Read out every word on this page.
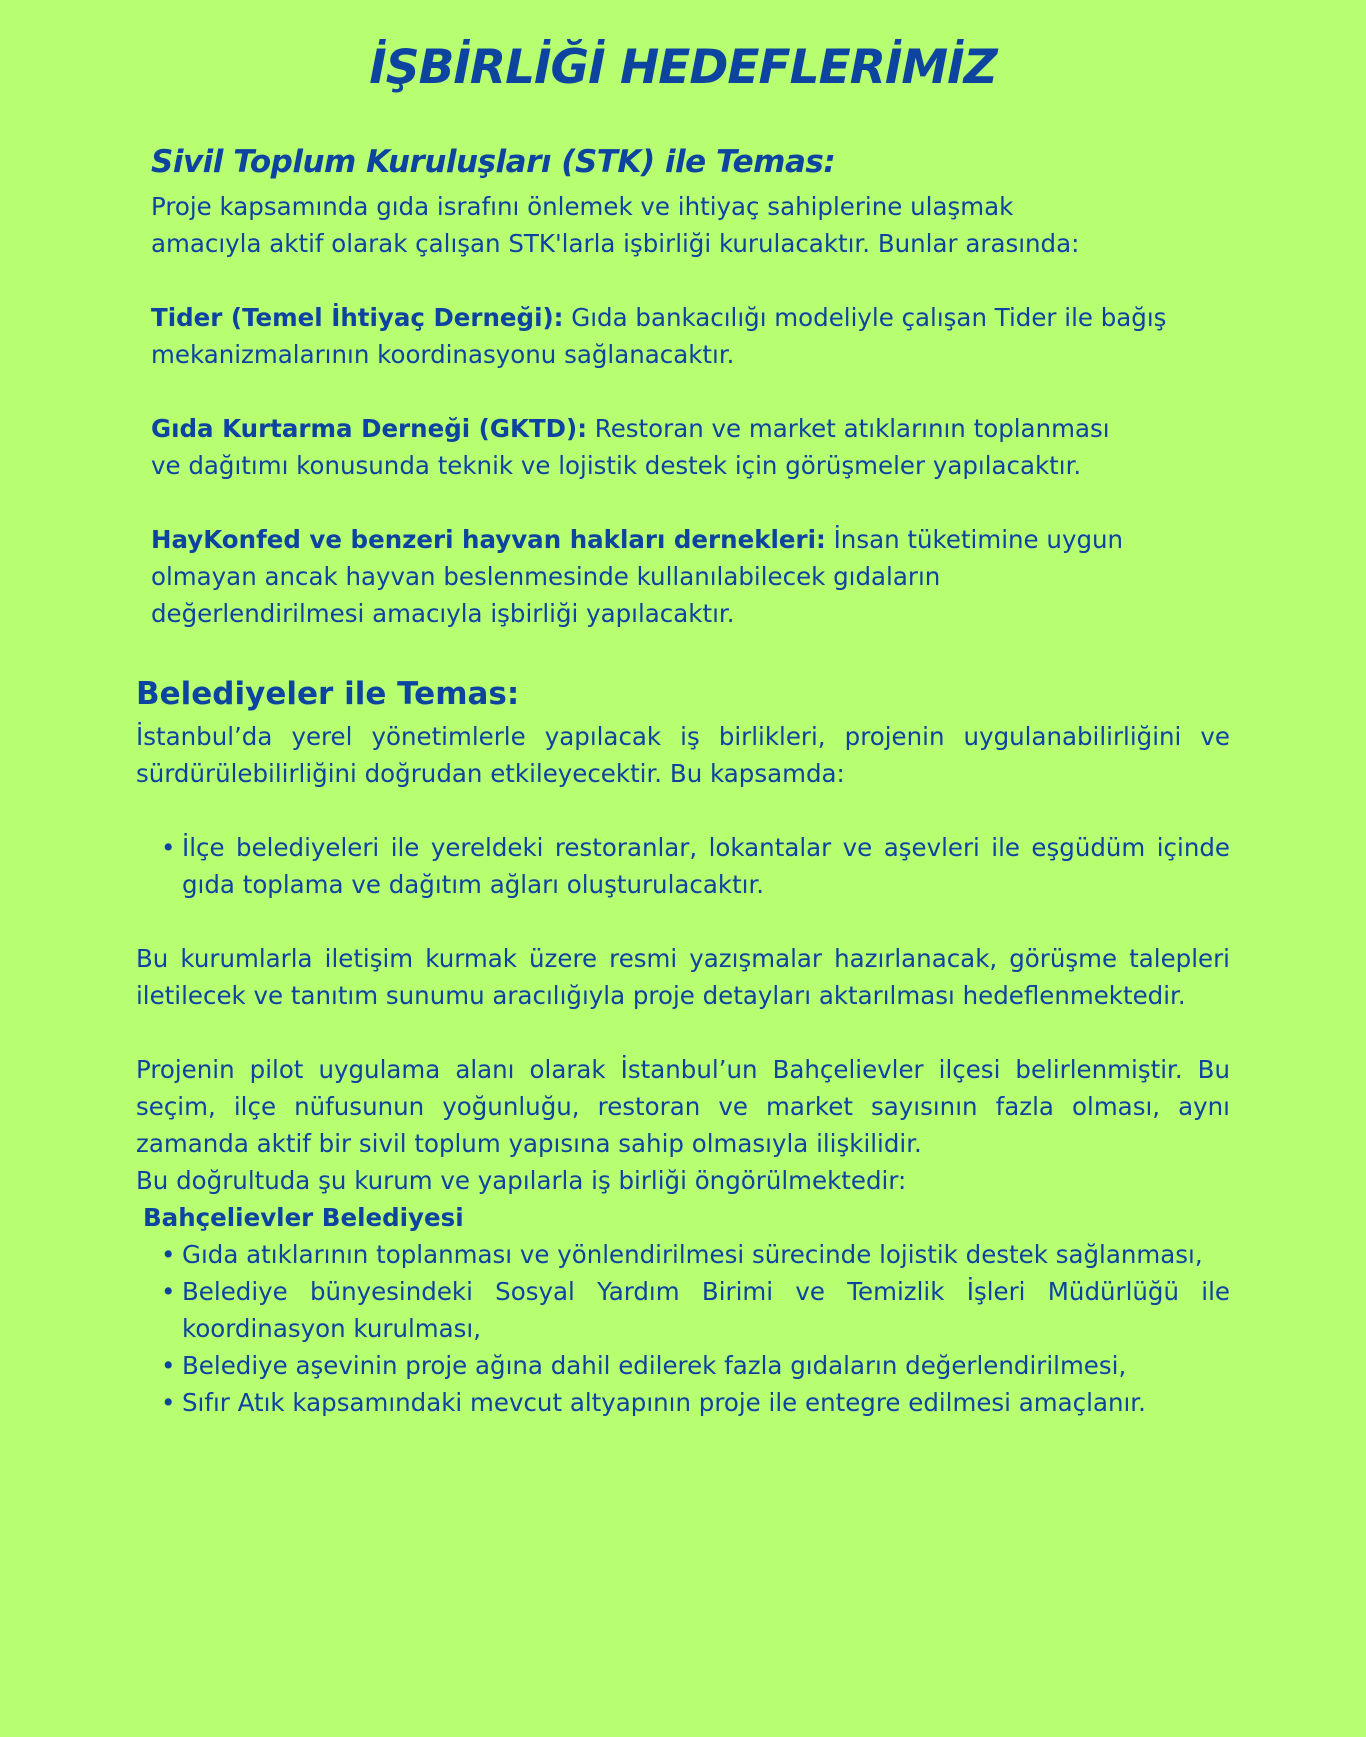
İŞBİRLİĞİ HEDEFLERİMİZ
Sivil Toplum Kuruluşları (STK) ile Temas:

Proje kapsamında gıda israfını önlemek ve ihtiyaç sahiplerine ulaşmak
amacıyla aktif olarak çalışan STK'larla işbirliği kurulacaktır. Bunlar arasında:

Tider (Temel İhtiyaç Derneği): Gıda bankacılığı modeliyle çalışan Tider ile bağış
mekanizmalarının koordinasyonu sağlanacaktır.

Gıda Kurtarma Derneği (GKTD): Restoran ve market atıklarının toplanması
ve dağıtımı konusunda teknik ve lojistik destek için görüşmeler yapılacaktır.

HayKonfed ve benzeri hayvan hakları dernekleri: İnsan tüketimine uygun
olmayan ancak hayvan beslenmesinde kullanılabilecek gıdaların
değerlendirilmesi amacıyla işbirliği yapılacaktır.

Belediyeler ile Temas:

İstanbul’da yerel yönetimlerle yapılacak iş birlikleri, projenin uygulanabilirliğini ve sürdürülebilirliğini doğrudan etkileyecektir. Bu kapsamda:

• İlçe belediyeleri ile yereldeki restoranlar, lokantalar ve aşevleri ile eşgüdüm içinde gıda toplama ve dağıtım ağları oluşturulacaktır.

Bu kurumlarla iletişim kurmak üzere resmi yazışmalar hazırlanacak, görüşme talepleri iletilecek ve tanıtım sunumu aracılığıyla proje detayları aktarılması hedeflenmektedir.

Projenin pilot uygulama alanı olarak İstanbul’un Bahçelievler ilçesi belirlenmiştir. Bu seçim, ilçe nüfusunun yoğunluğu, restoran ve market sayısının fazla olması, aynı zamanda aktif bir sivil toplum yapısına sahip olmasıyla ilişkilidir.

Bu doğrultuda şu kurum ve yapılarla iş birliği öngörülmektedir:

Bahçelievler Belediyesi
• Gıda atıklarının toplanması ve yönlendirilmesi sürecinde lojistik destek sağlanması,
• Belediye bünyesindeki Sosyal Yardım Birimi ve Temizlik İşleri Müdürlüğü ile koordinasyon kurulması,
• Belediye aşevinin proje ağına dahil edilerek fazla gıdaların değerlendirilmesi,
• Sıfır Atık kapsamındaki mevcut altyapının proje ile entegre edilmesi amaçlanır.
